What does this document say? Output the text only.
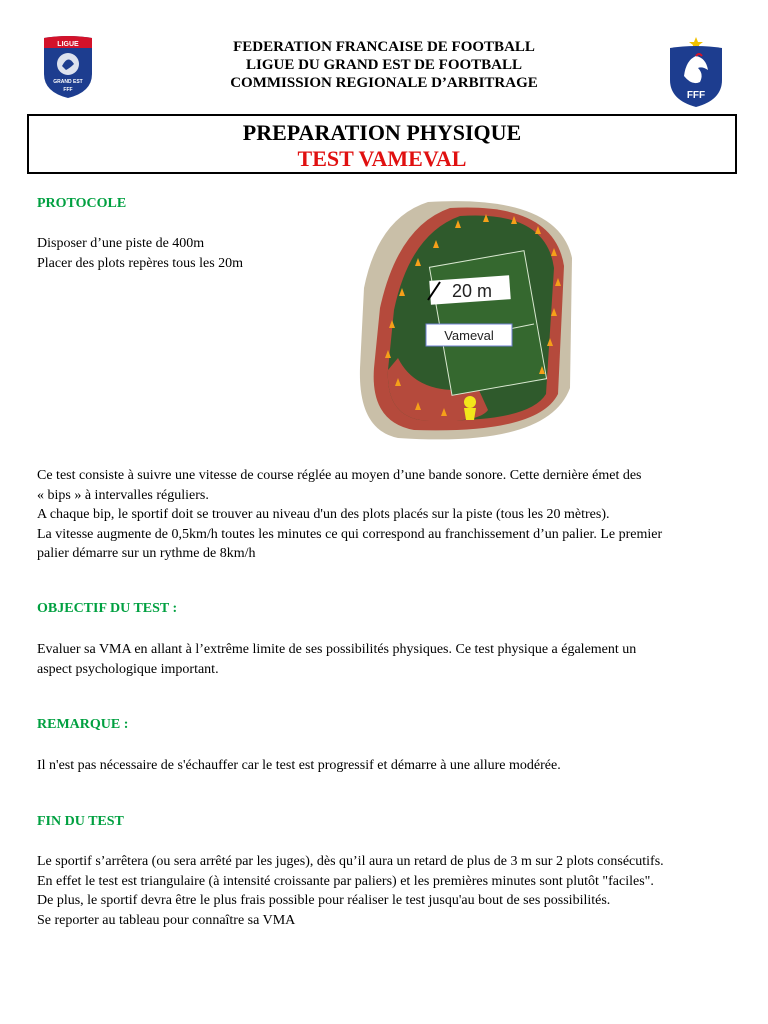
LIGUE
GRAND EST
FFF
FEDERATION FRANCAISE DE FOOTBALL
LIGUE DU GRAND EST DE FOOTBALL
COMMISSION REGIONALE D’ARBITRAGE
FFF
PREPARATION PHYSIQUE
TEST VAMEVAL
PROTOCOLE

Disposer d’une piste de 400m

Placer des plots repères tous les 20m

20 m
Vameval
Jogging Lavérune

Ce test consiste à suivre une vitesse de course réglée au moyen d’une bande sonore. Cette dernière émet des

« bips » à intervalles réguliers.

A chaque bip, le sportif doit se trouver au niveau d'un des plots placés sur la piste (tous les 20 mètres).

La vitesse augmente de 0,5km/h toutes les minutes ce qui correspond au franchissement d’un palier. Le premier

palier démarre sur un rythme de 8km/h

OBJECTIF DU TEST :

Evaluer sa VMA en allant à l’extrême limite de ses possibilités physiques. Ce test physique a également un

aspect psychologique important.

REMARQUE :

Il n'est pas nécessaire de s'échauffer car le test est progressif et démarre à une allure modérée.

FIN DU TEST

Le sportif s’arrêtera (ou sera arrêté par les juges), dès qu’il aura un retard de plus de 3 m sur 2 plots consécutifs.

En effet le test est triangulaire (à intensité croissante par paliers) et les premières minutes sont plutôt "faciles".

De plus, le sportif devra être le plus frais possible pour réaliser le test jusqu'au bout de ses possibilités.

Se reporter au tableau pour connaître sa VMA
